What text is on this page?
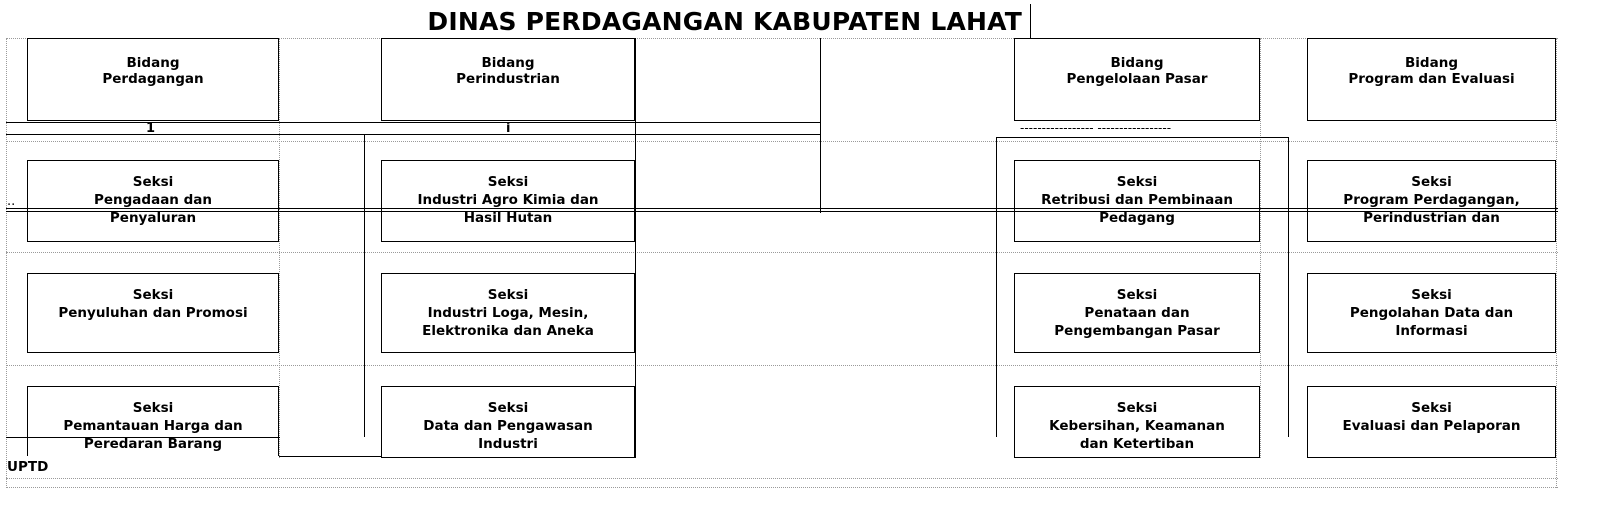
DINAS PERDAGANGAN KABUPATEN LAHAT
1	i	----------------- -----------------
..
Bidang
Perdagangan
Bidang
Perindustrian
Bidang
Pengelolaan Pasar
Bidang
Program dan Evaluasi
Seksi
Pengadaan dan
Penyaluran
Seksi
Penyuluhan dan Promosi
Seksi
Pemantauan Harga dan
Peredaran Barang
Seksi
Industri Agro Kimia dan
Hasil Hutan
Seksi
Industri Loga, Mesin,
Elektronika dan Aneka
Seksi
Data dan Pengawasan
Industri
Seksi
Retribusi dan Pembinaan
Pedagang
Seksi
Penataan dan
Pengembangan Pasar
Seksi
Kebersihan, Keamanan
dan Ketertiban
Seksi
Program Perdagangan,
Perindustrian dan
Seksi
Pengolahan Data dan
Informasi
Seksi
Evaluasi dan Pelaporan
UPTD
